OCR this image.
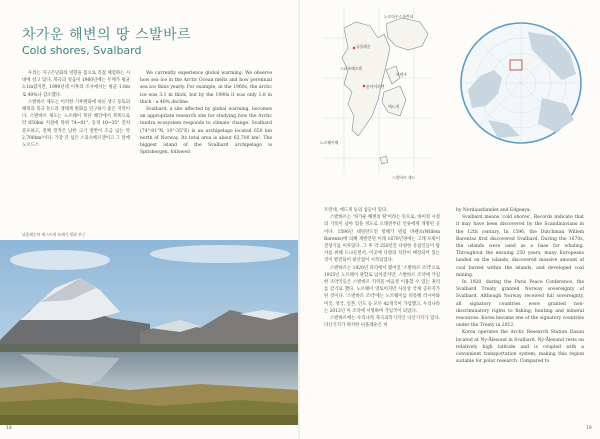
차가운 해변의 땅 스발바르
Cold shores, Svalbard

우리는 지구온난화의 영향을 몸으로 직접 체험하는 시대에 살고 있다. 북극의 얼음이 1960년에는 두께가 평균 3.1m였지만, 1990년대 이후의 조사에서는 평균 1.8m로 40%나 감소했다.

스발바르 제도는 이러한 기후변화에 따른 생구 동토의 해빙과 북극 툰드라 생태계 변화를 연구하기 좋은 지역이다. 스발바르 제도는 노르웨이 북단 해안에서 북쪽으로 약 650km 지점에 북위 74~81°, 동경 10~35° 걸쳐 분포하고, 전체 면적은 남한 크기 절반이 조금 넘는 약 2,700km²이다. 가장 큰 섬은 스피츠베르겐이고 그 앞에 노르드스

We currently experience global warming. We observe how sea ice in the Arctic Ocean melts and how perennial sea ice thins yearly. For example, in the 1960s, the arctic ice was 3.1 m thick, but by the 1990s it was only 1.8 m thick - a 40% decline.

Svalbard, a site affected by global warming, becomes an appropriate research site for studying how the Arctic tundra ecosystem responds to climate change. Svalbard (74°-81°N, 10°-35°E) is an archipelago located 650 km north of Norway. Its total area is about 62,700 km². The biggest island of the Svalbard archipelago is Spitsbergen, followed

뉘올레순의 에스트케 브레가 빙하 부근
18
노르아우스틀란네
스피츠베르겐
바렌츠
에드게
노르웨이해
뉘올레순
롱이어비엔
스발바르 제도

트란네, 에드게 등의 섬들이 있다.

스발바르는 '차가운 해변의 땅'이라는 뜻으로, 바이킹 시절의 기록이 남아 있을 정도로 오래전부터 인류에게 개방된 곳이다. 1596년 네덜란드인 항해가 빌럼 바렌츠(Willem Barents)에 의해 재발견된 이래 1670년경에는 고래 포획이 전성기를 이루었다. 그 후 약 250년간 다양한 유럽인들이 탐사를 위해 드나들면서, 이곳에 다량의 석탄이 매장되어 있는 것이 발견되어 광산업이 시작되었다.

스발바르는 1920년 파리에서 맺어진 '스발바르 조약'으로 1925년 노르웨이 관할로 넘어갔지만, 스발바르 조약에 가입한 조약국들은 스발바르 지역을 마음껏 이용할 수 있는 권리를 갖기로 했다. 노르웨이 영토이지만 사실상 국제 공유지가 된 것이다. '스발바르 조약'에는 노르웨이를 비롯해 러시아와 미국, 영국, 일본, 인도 등 모두 42개국이 가입했고, 우리나라는 2012년 이 조약에 서명하며 가입국이 되었다.

스발바르에는 우리나라 북극과학기지인 다산기지가 있다. 다산기지가 위치한 뉘올레순은 비

by Nordaustlandet and Edgeøya.

Svalbard means 'cold shores'. Records indicate that it may have been discovered by the Scandinavians in the 12th century. In 1596, the Dutchman Willem Barentsz first discovered Svalbard. During the 1670s, the islands were used as a base for whaling. Throughout the ensuing 250 years, many Europeans landed on the islands, discovered massive amount of coal buried within the islands, and developed coal mining.

In 1920, during the Paris Peace Conference, the Svalbard Treaty granted Norway sovereignty of Svalbard. Although Norway received full sovereignty, all signatory countries were granted non-discriminatory rights to fishing, hunting and mineral resources. Korea became one of the signatory countries under the Treaty in 2012.

Korea operates the Arctic Research Station Dasan located at Ny-Ålesund in Svalbard. Ny-Ålesund rests on relatively high latitude and is coupled with a convenient transportation system, making this region suitable for polar research. Compared to

19
